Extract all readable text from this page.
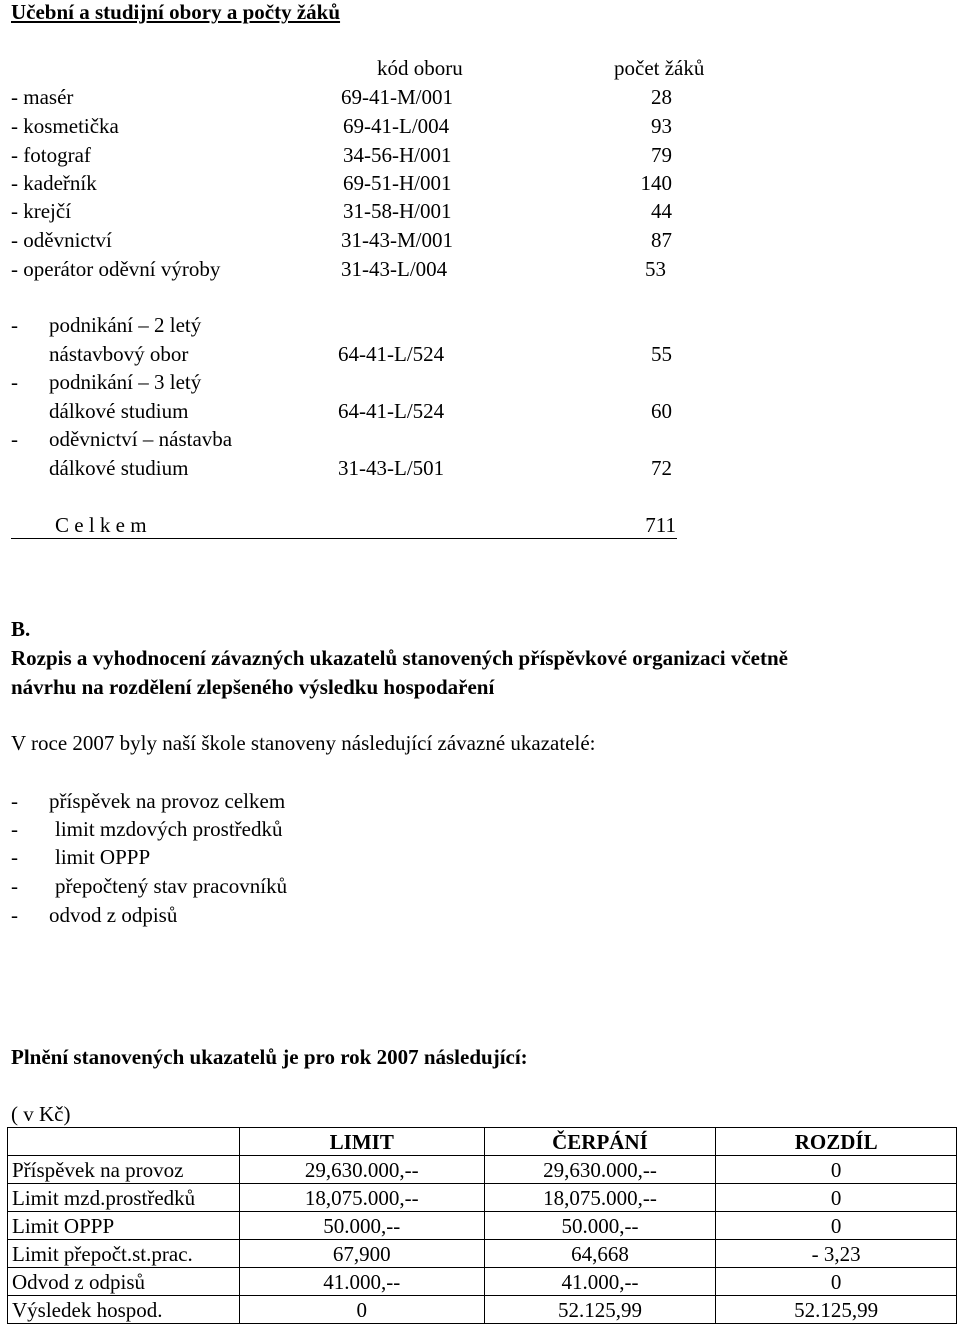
Učební a studijní obory a počty žáků
kód oboru	počet žáků
- masér	69-41-M/001	28
- kosmetička	69-41-L/004	93
- fotograf	34-56-H/001	79
- kadeřník	69-51-H/001	140
- krejčí	31-58-H/001	44
- oděvnictví	31-43-M/001	87
- operátor oděvní výroby	31-43-L/004	53
- podnikání – 2 letý
nástavbový obor	64-41-L/524	55
- podnikání – 3 letý
dálkové studium	64-41-L/524	60
- oděvnictví – nástavba
dálkové studium	31-43-L/501	72
C e l k e m	711
B.
Rozpis a vyhodnocení závazných ukazatelů stanovených příspěvkové organizaci včetně
návrhu na rozdělení zlepšeného výsledku hospodaření
V roce 2007 byly naší škole stanoveny následující závazné ukazatelé:
- příspěvek na provoz celkem
- limit mzdových prostředků
- limit OPPP
- přepočtený stav pracovníků
- odvod z odpisů
Plnění stanovených ukazatelů je pro rok 2007 následující:
( v Kč)
	LIMIT	ČERPÁNÍ	ROZDÍL
Příspěvek na provoz	29,630.000,--	29,630.000,--	0
Limit mzd.prostředků	18,075.000,--	18,075.000,--	0
Limit OPPP	50.000,--	50.000,--	0
Limit přepočt.st.prac.	67,900	64,668	- 3,23
Odvod z odpisů	41.000,--	41.000,--	0
Výsledek hospod.	0	52.125,99	52.125,99
